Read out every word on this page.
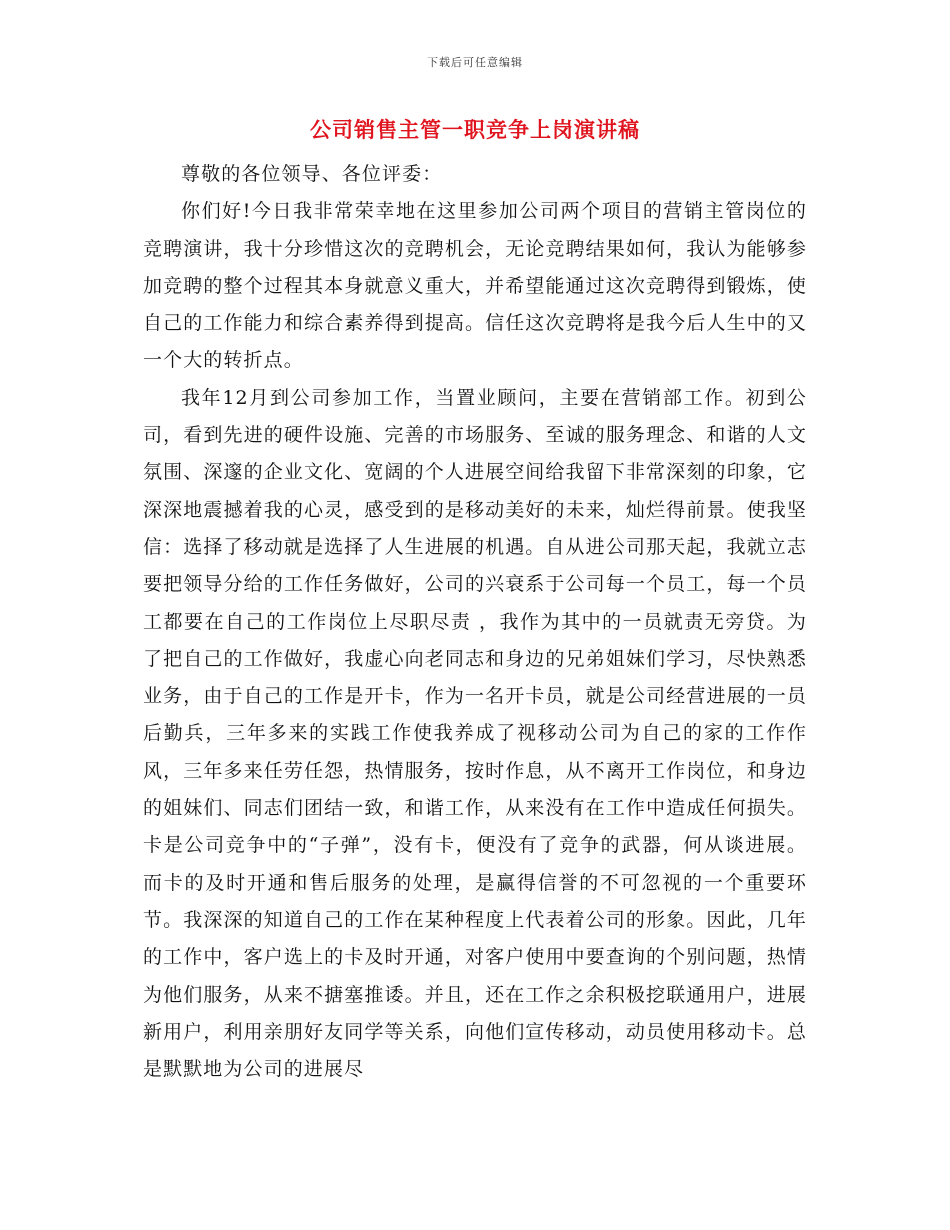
下载后可任意编辑
公司销售主管一职竞争上岗演讲稿

尊敬的各位领导、各位评委：

你们好!今日我非常荣幸地在这里参加公司两个项目的营销主管岗位的竞聘演讲，我十分珍惜这次的竞聘机会，无论竞聘结果如何，我认为能够参加竞聘的整个过程其本身就意义重大，并希望能通过这次竞聘得到锻炼，使自己的工作能力和综合素养得到提高。信任这次竞聘将是我今后人生中的又一个大的转折点。

我年12月到公司参加工作，当置业顾问，主要在营销部工作。初到公司，看到先进的硬件设施、完善的市场服务、至诚的服务理念、和谐的人文氛围、深邃的企业文化、宽阔的个人进展空间给我留下非常深刻的印象，它深深地震撼着我的心灵，感受到的是移动美好的未来，灿烂得前景。使我坚信：选择了移动就是选择了人生进展的机遇。自从进公司那天起，我就立志要把领导分给的工作任务做好，公司的兴衰系于公司每一个员工，每一个员工都要在自己的工作岗位上尽职尽责 ，我作为其中的一员就责无旁贷。为了把自己的工作做好，我虚心向老同志和身边的兄弟姐妹们学习，尽快熟悉业务，由于自己的工作是开卡，作为一名开卡员，就是公司经营进展的一员后勤兵，三年多来的实践工作使我养成了视移动公司为自己的家的工作作风，三年多来任劳任怨，热情服务，按时作息，从不离开工作岗位，和身边的姐妹们、同志们团结一致，和谐工作，从来没有在工作中造成任何损失。卡是公司竞争中的“子弹”，没有卡，便没有了竞争的武器，何从谈进展。而卡的及时开通和售后服务的处理，是赢得信誉的不可忽视的一个重要环节。我深深的知道自己的工作在某种程度上代表着公司的形象。因此，几年的工作中，客户选上的卡及时开通，对客户使用中要查询的个别问题，热情为他们服务，从来不搪塞推诿。并且，还在工作之余积极挖联通用户，进展新用户，利用亲朋好友同学等关系，向他们宣传移动，动员使用移动卡。总是默默地为公司的进展尽
